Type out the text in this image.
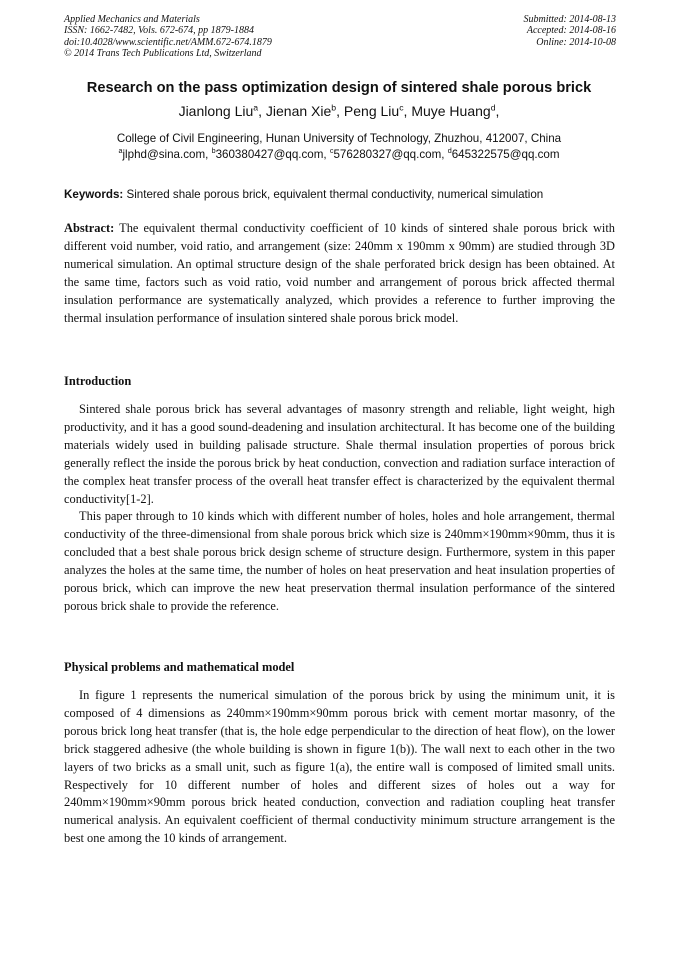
Applied Mechanics and Materials
ISSN: 1662-7482, Vols. 672-674, pp 1879-1884
doi:10.4028/www.scientific.net/AMM.672-674.1879
© 2014 Trans Tech Publications Ltd, Switzerland
Submitted: 2014-08-13
Accepted: 2014-08-16
Online: 2014-10-08
Research on the pass optimization design of sintered shale porous brick
Jianlong Liu$^a$, Jienan Xie$^b$, Peng Liu$^c$, Muye Huang$^d$,
College of Civil Engineering, Hunan University of Technology, Zhuzhou, 412007, China
$^a$jlphd@sina.com, $^b$360380427@qq.com, $^c$576280327@qq.com, $^d$645322575@qq.com
Keywords: Sintered shale porous brick, equivalent thermal conductivity, numerical simulation

Abstract: The equivalent thermal conductivity coefficient of 10 kinds of sintered shale porous brick with different void number, void ratio, and arrangement (size: 240mm x 190mm x 90mm) are studied through 3D numerical simulation. An optimal structure design of the shale perforated brick design has been obtained. At the same time, factors such as void ratio, void number and arrangement of porous brick affected thermal insulation performance are systematically analyzed, which provides a reference to further improving the thermal insulation performance of insulation sintered shale porous brick model.

Introduction

Sintered shale porous brick has several advantages of masonry strength and reliable, light weight, high productivity, and it has a good sound-deadening and insulation architectural. It has become one of the building materials widely used in building palisade structure. Shale thermal insulation properties of porous brick generally reflect the inside the porous brick by heat conduction, convection and radiation surface interaction of the complex heat transfer process of the overall heat transfer effect is characterized by the equivalent thermal conductivity[1-2].

This paper through to 10 kinds which with different number of holes, holes and hole arrangement, thermal conductivity of the three-dimensional from shale porous brick which size is 240mm×190mm×90mm, thus it is concluded that a best shale porous brick design scheme of structure design. Furthermore, system in this paper analyzes the holes at the same time, the number of holes on heat preservation and heat insulation properties of porous brick, which can improve the new heat preservation thermal insulation performance of the sintered porous brick shale to provide the reference.

Physical problems and mathematical model

In figure 1 represents the numerical simulation of the porous brick by using the minimum unit, it is composed of 4 dimensions as 240mm×190mm×90mm porous brick with cement mortar masonry, of the porous brick long heat transfer (that is, the hole edge perpendicular to the direction of heat flow), on the lower brick staggered adhesive (the whole building is shown in figure 1(b)). The wall next to each other in the two layers of two bricks as a small unit, such as figure 1(a), the entire wall is composed of limited small units. Respectively for 10 different number of holes and different sizes of holes out a way for 240mm×190mm×90mm porous brick heated conduction, convection and radiation coupling heat transfer numerical analysis. An equivalent coefficient of thermal conductivity minimum structure arrangement is the best one among the 10 kinds of arrangement.
